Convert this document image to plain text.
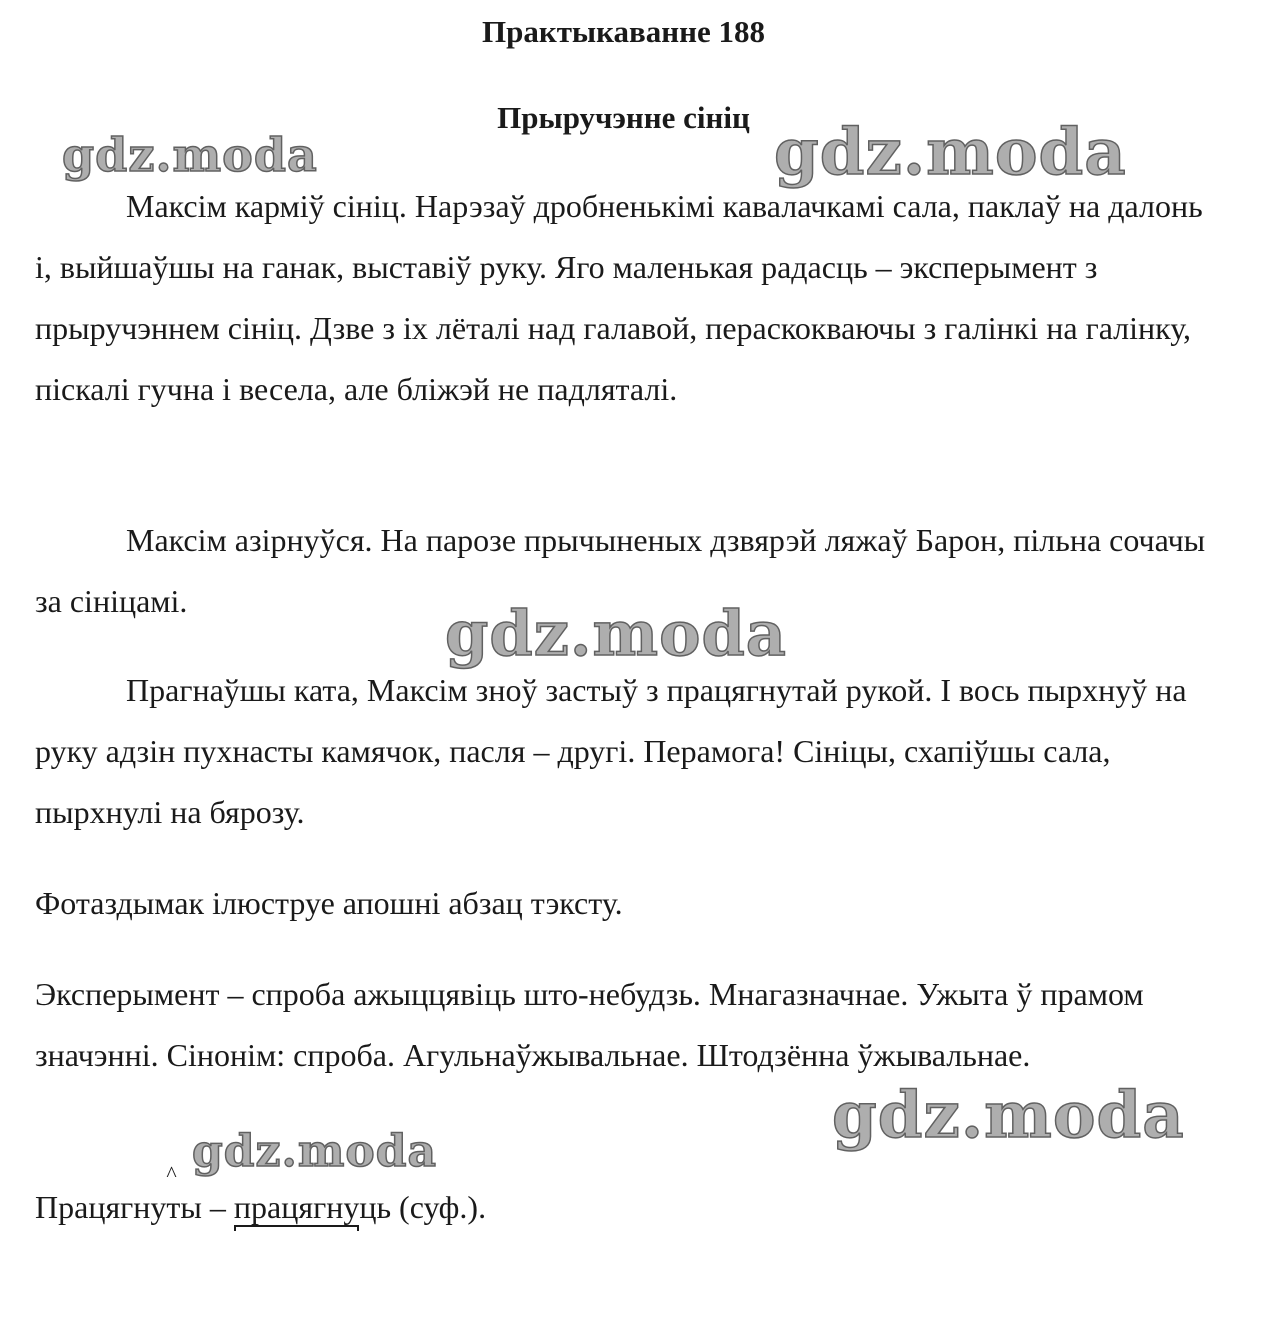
Практыкаванне 188
Прыручэнне сініц

Максім карміў сініц. Нарэзаў дробненькімі кавалачкамі сала, паклаў на далонь і, выйшаўшы на ганак, выставіў руку. Яго маленькая радасць – эксперымент з прыручэннем сініц. Дзве з іх лёталі над галавой, пераскокваючы з галінкі на галінку, піскалі гучна і весела, але бліжэй не падляталі.

Максім азірнуўся. На парозе прычыненых дзвярэй ляжаў Барон, пільна сочачы за сініцамі.

Прагнаўшы ката, Максім зноў застыў з працягнутай рукой. І вось пырхнуў на руку адзін пухнасты камячок, пасля – другі. Перамога! Сініцы, схапіўшы сала, пырхнулі на бярозу.

Фотаздымак ілюструе апошні абзац тэксту.

Эксперымент – спроба ажыццявіць што-небудзь. Мнагазначнае. Ужыта ў прамом значэнні. Сінонім: спроба. Агульнаўжывальнае. Штодзённа ўжывальнае.

Працягну
^
ты – працягнуць (суф.).

gdz.moda	gdz.moda
gdz.moda
gdz.moda
gdz.moda
